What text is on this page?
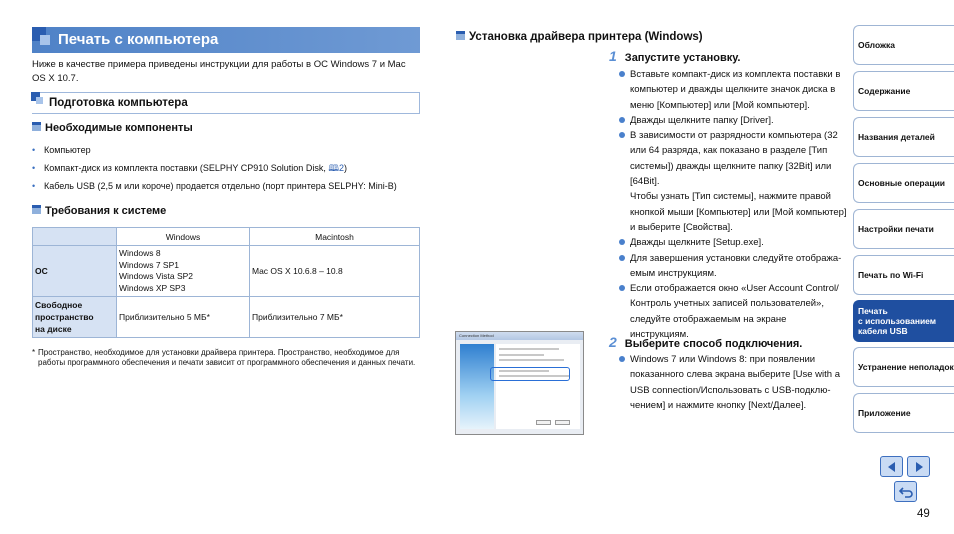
Печать с компьютера
Ниже в качестве примера приведены инструкции для работы в ОС Windows 7 и Mac OS X 10.7.
Подготовка компьютера
Необходимые компоненты
• Компьютер
• Компакт-диск из комплекта поставки (SELPHY CP910 Solution Disk, 🕮2)
• Кабель USB (2,5 м или короче) продается отдельно (порт принтера SELPHY: Mini-B)
Требования к системе
	Windows	Macintosh
ОС	Windows 8
Windows 7 SP1
Windows Vista SP2
Windows XP SP3	Mac OS X 10.6.8 – 10.8

Свободное
пространство
на диске	Приблизительно 5 МБ*	Приблизительно 7 МБ*
* Пространство, необходимое для установки драйвера принтера. Пространство, необходимое для работы программного обеспечения и печати зависит от программного обеспечения и данных печати.
Установка драйвера принтера (Windows)
1 Запустите установку.
Вставьте компакт-диск из комплекта поставки в компьютер и дважды щелкните значок диска в меню [Компьютер] или [Мой компьютер].
Дважды щелкните папку [Driver].
В зависимости от разрядности компьютера (32 или 64 разряда, как показано в разделе [Тип системы]) дважды щелкните папку [32Bit] или [64Bit].
Чтобы узнать [Тип системы], нажмите правой кнопкой мыши [Компьютер] или [Мой компьютер] и выберите [Свойства].
Дважды щелкните [Setup.exe].
Для завершения установки следуйте отобража-емым инструкциям.
Если отображается окно «User Account Control/ Контроль учетных записей пользователей», следуйте отображаемым на экране инструкциям.
2 Выберите способ подключения.
Windows 7 или Windows 8: при появлении показанного слева экрана выберите [Use with a USB connection/Использовать с USB-подклю-чением] и нажмите кнопку [Next/Далее].
Connection Method
Обложка
Содержание
Названия деталей
Основные операции
Настройки печати
Печать по Wi-Fi
Печать
с использованием
кабеля USB
Устранение неполадок
Приложение
49
